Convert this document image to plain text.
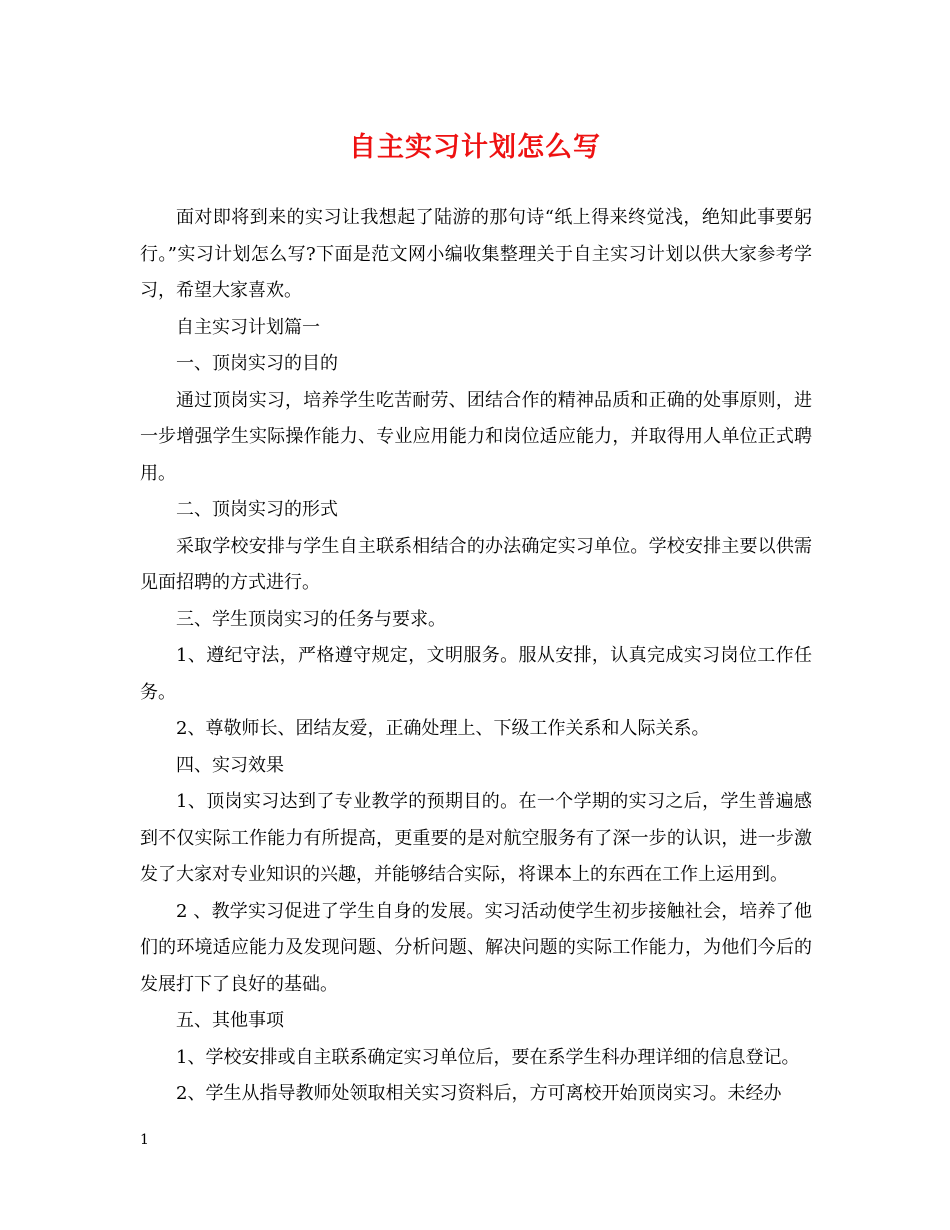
自主实习计划怎么写

面对即将到来的实习让我想起了陆游的那句诗“纸上得来终觉浅，绝知此事要躬行。”实习计划怎么写?下面是范文网小编收集整理关于自主实习计划以供大家参考学习，希望大家喜欢。

自主实习计划篇一

一、顶岗实习的目的

通过顶岗实习，培养学生吃苦耐劳、团结合作的精神品质和正确的处事原则，进一步增强学生实际操作能力、专业应用能力和岗位适应能力，并取得用人单位正式聘用。

二、顶岗实习的形式

采取学校安排与学生自主联系相结合的办法确定实习单位。学校安排主要以供需见面招聘的方式进行。

三、学生顶岗实习的任务与要求。

1、遵纪守法，严格遵守规定，文明服务。服从安排，认真完成实习岗位工作任务。

2、尊敬师长、团结友爱，正确处理上、下级工作关系和人际关系。

四、实习效果

1、顶岗实习达到了专业教学的预期目的。在一个学期的实习之后，学生普遍感到不仅实际工作能力有所提高，更重要的是对航空服务有了深一步的认识，进一步激发了大家对专业知识的兴趣，并能够结合实际，将课本上的东西在工作上运用到。

2 、教学实习促进了学生自身的发展。实习活动使学生初步接触社会，培养了他们的环境适应能力及发现问题、分析问题、解决问题的实际工作能力，为他们今后的发展打下了良好的基础。

五、其他事项

1、学校安排或自主联系确定实习单位后，要在系学生科办理详细的信息登记。

2、学生从指导教师处领取相关实习资料后，方可离校开始顶岗实习。未经办

1
